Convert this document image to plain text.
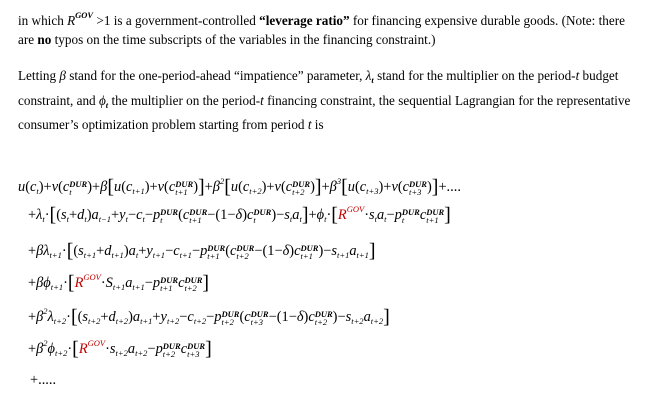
in which $R^{GOV} >1$ is a government-controlled “leverage ratio” for financing expensive durable goods. (Note: there are no typos on the time subscripts of the variables in the financing constraint.)
Letting β stand for the one-period-ahead “impatience” parameter, $\lambda_t$ stand for the multiplier on the period-t budget constraint, and $\phi_t$ the multiplier on the period-t financing constraint, the sequential Lagrangian for the representative consumer’s optimization problem starting from period t is
$u(c_t)+v(c$ DUR
t	)$+\beta[u(c_{t+1})+v(c$ DUR
t+1 )]$+\beta^2[u(c_{t+2})+v(c$ DUR
t+2 )]$+\beta^3[u(c_{t+3})+v(c$ DUR
t+3 )]+....
$+\lambda_t\cdot[(s_t+d_t)a_{t-1}+y_t-c_t-p$ DUR
t	(c DUR
t+1 −(1−δ)c DUR
t	)$-s_ta_t]+\phi_t\cdot[R^{GOV}\cdot s_ta_t-p$ DUR
t	c DUR
t+1 ]
$+\beta\lambda_{t+1}\cdot[(s_{t+1}+d_{t+1})a_t+y_{t+1}-c_{t+1}-p$ DUR
t+1 (c DUR
t+2 −(1−δ)c DUR
t+1 )$-s_{t+1}a_{t+1}$]
$+\beta\phi_{t+1}\cdot[R^{GOV}\cdot S_{t+1}a_{t+1}-p$ DUR
t+1 c DUR
t+2 ]
$+\beta^2\lambda_{t+2}\cdot[(s_{t+2}+d_{t+2})a_{t+1}+y_{t+2}-c_{t+2}-p$ DUR
t+2 (c DUR
t+3 −(1−δ)c DUR
t+2 )$-s_{t+2}a_{t+2}$]
$+\beta^2\phi_{t+2}\cdot[R^{GOV}\cdot s_{t+2}a_{t+2}-p$ DUR
t+2 c DUR
t+3 ]
+.....
